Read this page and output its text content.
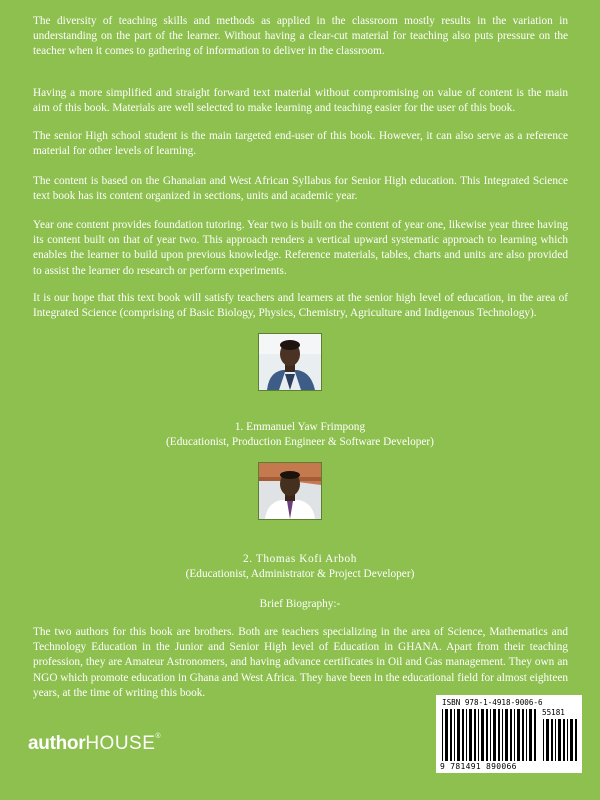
The diversity of teaching skills and methods as applied in the classroom mostly results in the variation in understanding on the part of the learner. Without having a clear-cut material for teaching also puts pressure on the teacher when it comes to gathering of information to deliver in the classroom.

Having a more simplified and straight forward text material without compromising on value of content is the main aim of this book. Materials are well selected to make learning and teaching easier for the user of this book.

The senior High school student is the main targeted end-user of this book. However, it can also serve as a reference material for other levels of learning.

The content is based on the Ghanaian and West African Syllabus for Senior High education. This Integrated Science text book has its content organized in sections, units and academic year.

Year one content provides foundation tutoring. Year two is built on the content of year one, likewise year three having its content built on that of year two. This approach renders a vertical upward systematic approach to learning which enables the learner to build upon previous knowledge. Reference materials, tables, charts and units are also provided to assist the learner do research or perform experiments.

It is our hope that this text book will satisfy teachers and learners at the senior high level of education, in the area of Integrated Science (comprising of Basic Biology, Physics, Chemistry, Agriculture and Indigenous Technology).

1. Emmanuel Yaw Frimpong
(Educationist, Production Engineer & Software Developer)
2. Thomas Kofi Arboh
(Educationist, Administrator & Project Developer)
Brief Biography:-

The two authors for this book are brothers. Both are teachers specializing in the area of Science, Mathematics and Technology Education in the Junior and Senior High level of Education in GHANA. Apart from their teaching profession, they are Amateur Astronomers, and having advance certificates in Oil and Gas management. They own an NGO which promote education in Ghana and West Africa. They have been in the educational field for almost eighteen years, at the time of writing this book.

authorHOUSE®
ISBN 978-1-4918-9006-6
55181
9 781491 890066
